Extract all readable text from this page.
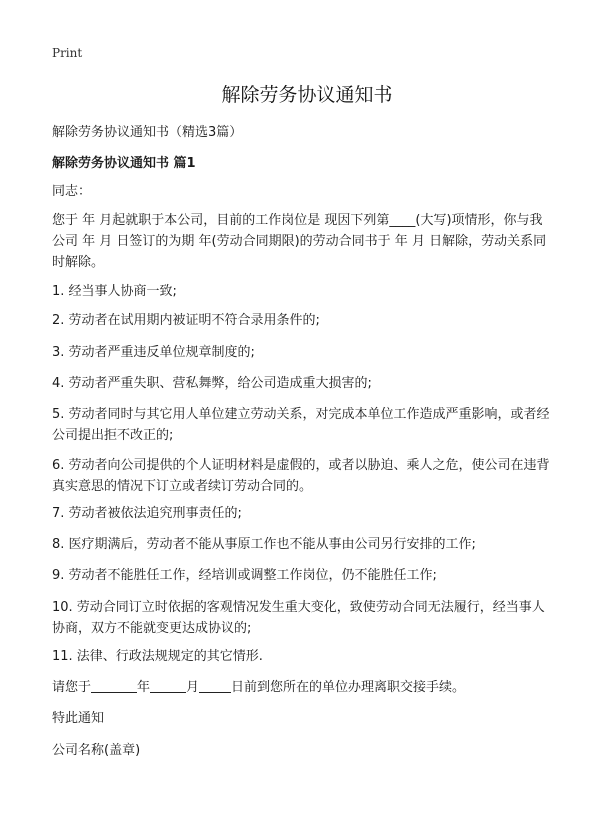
Print
解除劳务协议通知书
解除劳务协议通知书（精选3篇）
解除劳务协议通知书 篇1

同志：

您于 年 月起就职于本公司，目前的工作岗位是 现因下列第____(大写)项情形，你与我公司 年 月 日签订的为期 年(劳动合同期限)的劳动合同书于 年 月 日解除，劳动关系同时解除。

1. 经当事人协商一致;

2. 劳动者在试用期内被证明不符合录用条件的;

3. 劳动者严重违反单位规章制度的;

4. 劳动者严重失职、营私舞弊，给公司造成重大损害的;

5. 劳动者同时与其它用人单位建立劳动关系，对完成本单位工作造成严重影响，或者经公司提出拒不改正的;

6. 劳动者向公司提供的个人证明材料是虚假的，或者以胁迫、乘人之危，使公司在违背真实意思的情况下订立或者续订劳动合同的。

7. 劳动者被依法追究刑事责任的;

8. 医疗期满后，劳动者不能从事原工作也不能从事由公司另行安排的工作;

9. 劳动者不能胜任工作，经培训或调整工作岗位，仍不能胜任工作;

10. 劳动合同订立时依据的客观情况发生重大变化，致使劳动合同无法履行，经当事人协商，双方不能就变更达成协议的;

11. 法律、行政法规规定的其它情形.

请您于	年	月 日前到您所在的单位办理离职交接手续。

特此通知

公司名称(盖章)
